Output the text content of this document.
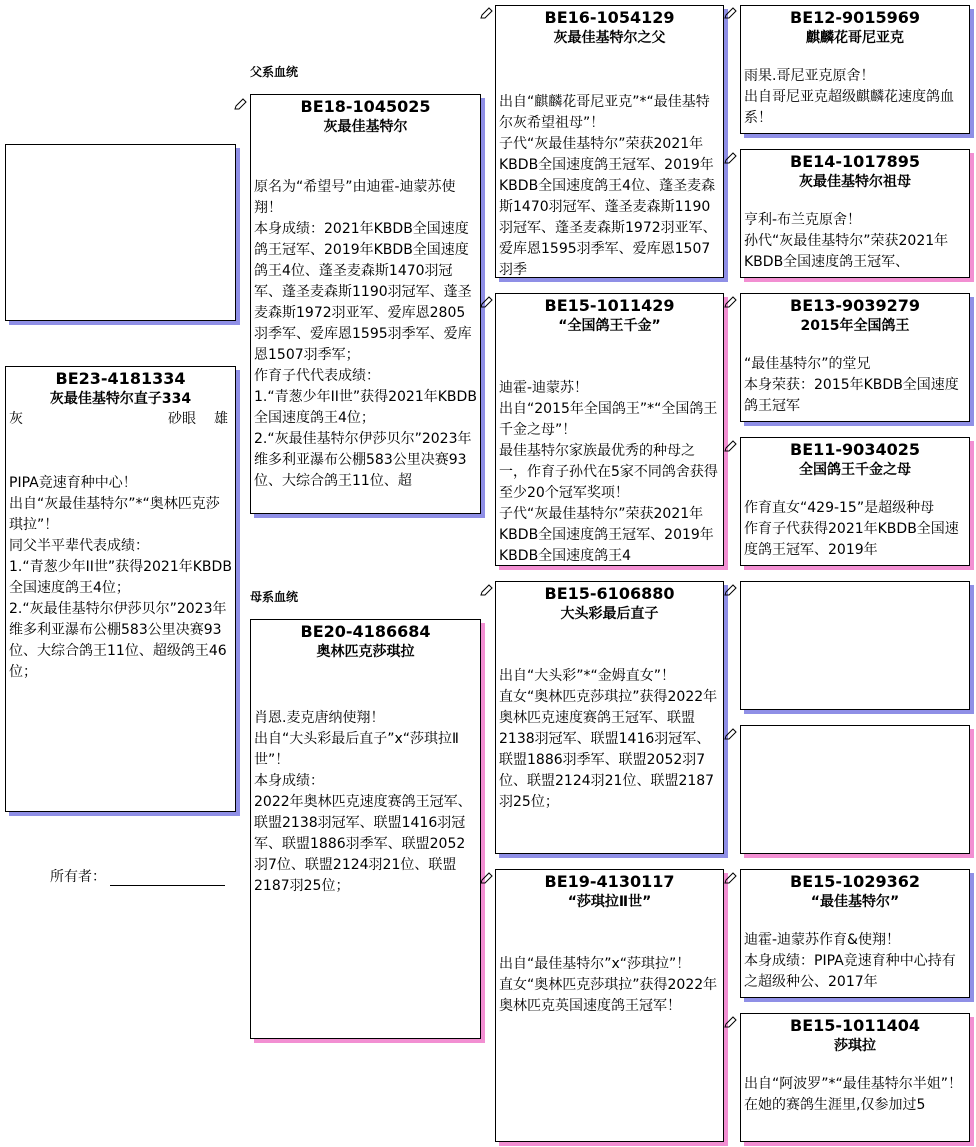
BE23-4181334
灰最佳基特尔直子334
灰	砂眼 雄
PIPA竞速育种中心！
出自“灰最佳基特尔”*“奥林匹克莎琪拉”！
同父半平辈代表成绩：
1.“青葱少年II世”获得2021年KBDB全国速度鸽王4位；
2.“灰最佳基特尔伊莎贝尔”2023年维多利亚瀑布公棚583公里决赛93位、大综合鸽王11位、超级鸽王46位；
所有者：
父系血统
母系血统
BE18-1045025
灰最佳基特尔
原名为“希望号”由迪霍-迪蒙苏使翔！
本身成绩：2021年KBDB全国速度鸽王冠军、2019年KBDB全国速度鸽王4位、蓬圣麦森斯1470羽冠军、蓬圣麦森斯1190羽冠军、蓬圣麦森斯1972羽亚军、爱库恩2805羽季军、爱库恩1595羽季军、爱库恩1507羽季军；
作育子代代表成绩：
1.“青葱少年II世”获得2021年KBDB全国速度鸽王4位；
2.“灰最佳基特尔伊莎贝尔”2023年维多利亚瀑布公棚583公里决赛93位、大综合鸽王11位、超
BE20-4186684
奥林匹克莎琪拉
肖恩.麦克唐纳使翔！
出自“大头彩最后直子”x“莎琪拉Ⅱ世”！
本身成绩：
2022年奥林匹克速度赛鸽王冠军、联盟2138羽冠军、联盟1416羽冠军、联盟1886羽季军、联盟2052羽7位、联盟2124羽21位、联盟2187羽25位；
BE16-1054129
灰最佳基特尔之父
出自“麒麟花哥尼亚克”*“最佳基特尔灰希望祖母”！
子代“灰最佳基特尔”荣获2021年KBDB全国速度鸽王冠军、2019年KBDB全国速度鸽王4位、蓬圣麦森斯1470羽冠军、蓬圣麦森斯1190羽冠军、蓬圣麦森斯1972羽亚军、爱库恩1595羽季军、爱库恩1507羽季
BE15-1011429
“全国鸽王千金”
迪霍-迪蒙苏！
出自“2015年全国鸽王”*“全国鸽王千金之母”！
最佳基特尔家族最优秀的种母之一，作育子孙代在5家不同鸽舍获得至少20个冠军奖项！
子代“灰最佳基特尔”荣获2021年KBDB全国速度鸽王冠军、2019年KBDB全国速度鸽王4
BE15-6106880
大头彩最后直子
出自“大头彩”*“金姆直女”！
直女“奥林匹克莎琪拉”获得2022年奥林匹克速度赛鸽王冠军、联盟2138羽冠军、联盟1416羽冠军、联盟1886羽季军、联盟2052羽7位、联盟2124羽21位、联盟2187羽25位；
BE19-4130117
“莎琪拉Ⅱ世”
出自“最佳基特尔”x“莎琪拉”！
直女“奥林匹克莎琪拉”获得2022年奥林匹克英国速度鸽王冠军！
BE12-9015969
麒麟花哥尼亚克
雨果.哥尼亚克原舍！
出自哥尼亚克超级麒麟花速度鸽血系！
BE14-1017895
灰最佳基特尔祖母
亨利-布兰克原舍！
孙代“灰最佳基特尔”荣获2021年KBDB全国速度鸽王冠军、
BE13-9039279
2015年全国鸽王
“最佳基特尔”的堂兄
本身荣获：2015年KBDB全国速度鸽王冠军
BE11-9034025
全国鸽王千金之母
作育直女“429-15”是超级种母
作育子代获得2021年KBDB全国速度鸽王冠军、2019年
BE15-1029362
“最佳基特尔”
迪霍-迪蒙苏作育&使翔！
本身成绩：PIPA竞速育种中心持有之超级种公、2017年
BE15-1011404
莎琪拉
出自“阿波罗”*“最佳基特尔半姐”！
在她的赛鸽生涯里,仅参加过5
